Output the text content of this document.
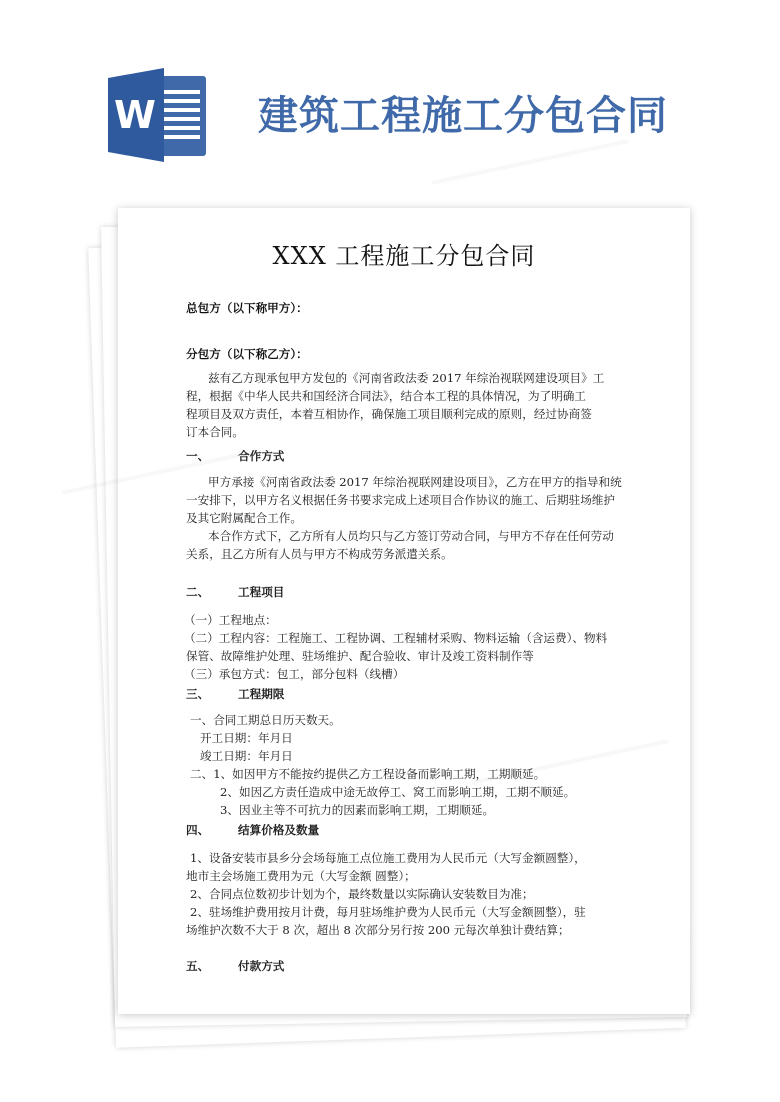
W	建筑工程施工分包合同
XXX 工程施工分包合同
总包方（以下称甲方）：
分包方（以下称乙方）：
兹有乙方现承包甲方发包的《河南省政法委 2017 年综治视联网建设项目》工
程，根据《中华人民共和国经济合同法》，结合本工程的具体情况，为了明确工
程项目及双方责任，本着互相协作，确保施工项目顺利完成的原则，经过协商签
订本合同。
一、 合作方式
甲方承接《河南省政法委 2017 年综治视联网建设项目》，乙方在甲方的指导和统
一安排下，以甲方名义根据任务书要求完成上述项目合作协议的施工、后期驻场维护
及其它附属配合工作。
本合作方式下，乙方所有人员均只与乙方签订劳动合同，与甲方不存在任何劳动
关系，且乙方所有人员与甲方不构成劳务派遣关系。
二、 工程项目
（一）工程地点：
（二）工程内容：工程施工、工程协调、工程辅材采购、物料运输（含运费）、物料
保管、故障维护处理、驻场维护、配合验收、审计及竣工资料制作等
（三）承包方式：包工，部分包料（线槽）
三、 工程期限
一、合同工期总日历天数天。
开工日期：年月日
竣工日期：年月日
二、1、如因甲方不能按约提供乙方工程设备而影响工期，工期顺延。
2、如因乙方责任造成中途无故停工、窝工而影响工期，工期不顺延。
3、因业主等不可抗力的因素而影响工期，工期顺延。
四、 结算价格及数量
1、设备安装市县乡分会场每施工点位施工费用为人民币元（大写金额圆整），
地市主会场施工费用为元（大写金额 圆整）；
2、合同点位数初步计划为个，最终数量以实际确认安装数目为准；
2、驻场维护费用按月计费，每月驻场维护费为人民币元（大写金额圆整），驻
场维护次数不大于 8 次，超出 8 次部分另行按 200 元每次单独计费结算；
五、 付款方式
